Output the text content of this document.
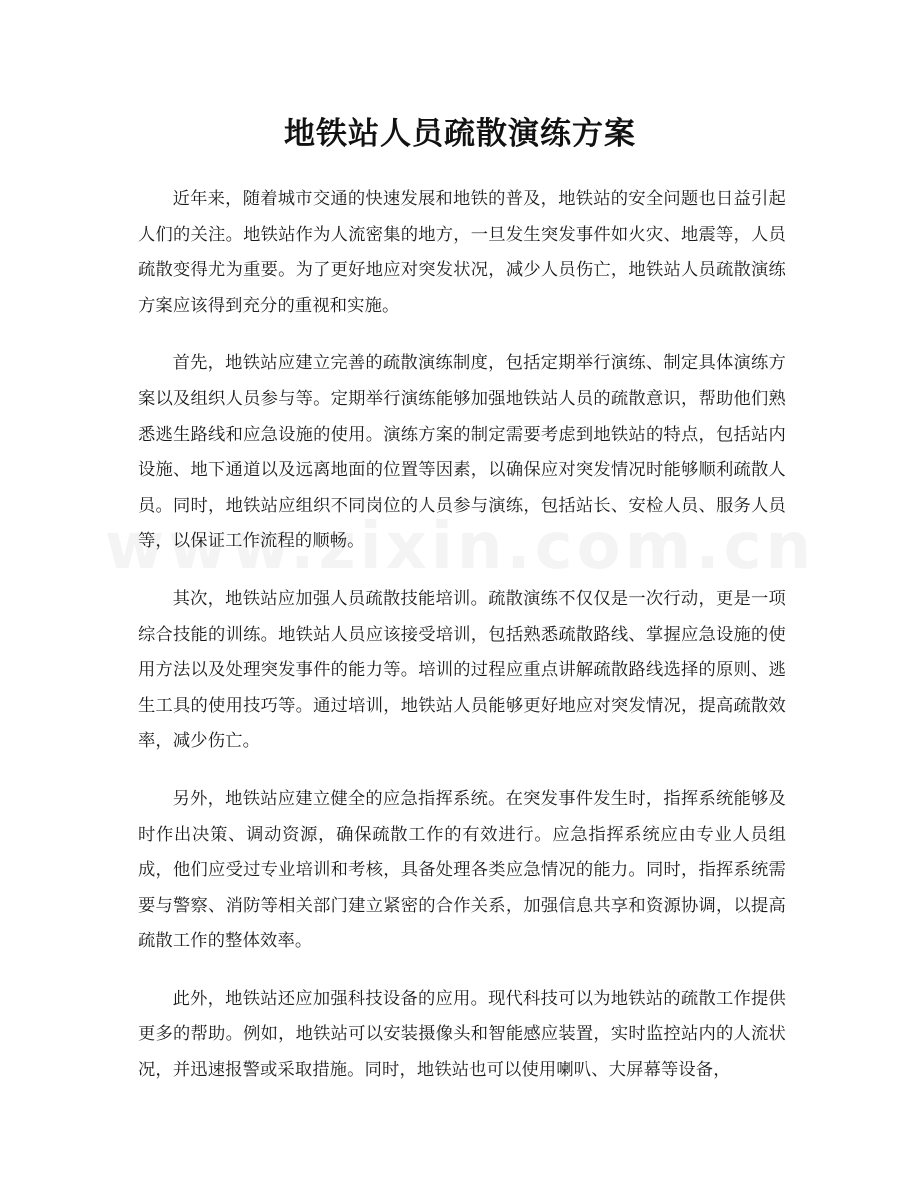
地铁站人员疏散演练方案

近年来，随着城市交通的快速发展和地铁的普及，地铁站的安全问题也日益引起人们的关注。地铁站作为人流密集的地方，一旦发生突发事件如火灾、地震等，人员疏散变得尤为重要。为了更好地应对突发状况，减少人员伤亡，地铁站人员疏散演练方案应该得到充分的重视和实施。

首先，地铁站应建立完善的疏散演练制度，包括定期举行演练、制定具体演练方案以及组织人员参与等。定期举行演练能够加强地铁站人员的疏散意识，帮助他们熟悉逃生路线和应急设施的使用。演练方案的制定需要考虑到地铁站的特点，包括站内设施、地下通道以及远离地面的位置等因素，以确保应对突发情况时能够顺利疏散人员。同时，地铁站应组织不同岗位的人员参与演练，包括站长、安检人员、服务人员等，以保证工作流程的顺畅。

其次，地铁站应加强人员疏散技能培训。疏散演练不仅仅是一次行动，更是一项综合技能的训练。地铁站人员应该接受培训，包括熟悉疏散路线、掌握应急设施的使用方法以及处理突发事件的能力等。培训的过程应重点讲解疏散路线选择的原则、逃生工具的使用技巧等。通过培训，地铁站人员能够更好地应对突发情况，提高疏散效率，减少伤亡。

另外，地铁站应建立健全的应急指挥系统。在突发事件发生时，指挥系统能够及时作出决策、调动资源，确保疏散工作的有效进行。应急指挥系统应由专业人员组成，他们应受过专业培训和考核，具备处理各类应急情况的能力。同时，指挥系统需要与警察、消防等相关部门建立紧密的合作关系，加强信息共享和资源协调，以提高疏散工作的整体效率。

此外，地铁站还应加强科技设备的应用。现代科技可以为地铁站的疏散工作提供更多的帮助。例如，地铁站可以安装摄像头和智能感应装置，实时监控站内的人流状况，并迅速报警或采取措施。同时，地铁站也可以使用喇叭、大屏幕等设备，
